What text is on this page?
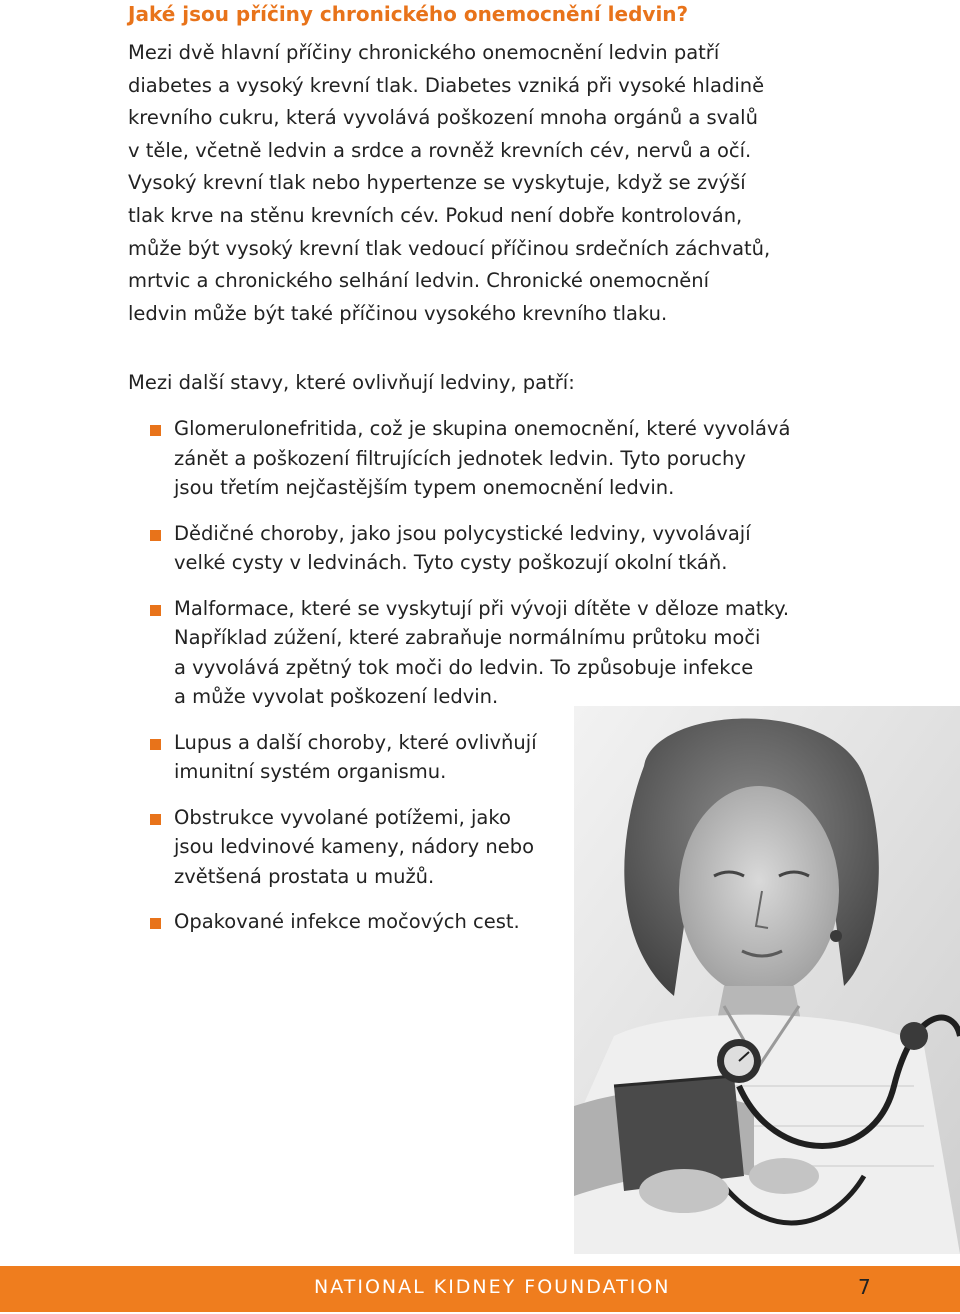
Jaké jsou příčiny chronického onemocnění ledvin?

Mezi dvě hlavní příčiny chronického onemocnění ledvin patří
diabetes a vysoký krevní tlak. Diabetes vzniká při vysoké hladině
krevního cukru, která vyvolává poškození mnoha orgánů a svalů
v těle, včetně ledvin a srdce a rovněž krevních cév, nervů a očí.
Vysoký krevní tlak nebo hypertenze se vyskytuje, když se zvýší
tlak krve na stěnu krevních cév. Pokud není dobře kontrolován,
může být vysoký krevní tlak vedoucí příčinou srdečních záchvatů,
mrtvic a chronického selhání ledvin. Chronické onemocnění
ledvin může být také příčinou vysokého krevního tlaku.

Mezi další stavy, které ovlivňují ledviny, patří:

Glomerulonefritida, což je skupina onemocnění, které vyvolává
zánět a poškození filtrujících jednotek ledvin. Tyto poruchy
jsou třetím nejčastějším typem onemocnění ledvin.
Dědičné choroby, jako jsou polycystické ledviny, vyvolávají
velké cysty v ledvinách. Tyto cysty poškozují okolní tkáň.
Malformace, které se vyskytují při vývoji dítěte v děloze matky.
Například zúžení, které zabraňuje normálnímu průtoku moči
a vyvolává zpětný tok moči do ledvin. To způsobuje infekce
a může vyvolat poškození ledvin.
Lupus a další choroby, které ovlivňují
imunitní systém organismu.
Obstrukce vyvolané potížemi, jako
jsou ledvinové kameny, nádory nebo
zvětšená prostata u mužů.
Opakované infekce močových cest.
NATIONAL KIDNEY FOUNDATION	7
